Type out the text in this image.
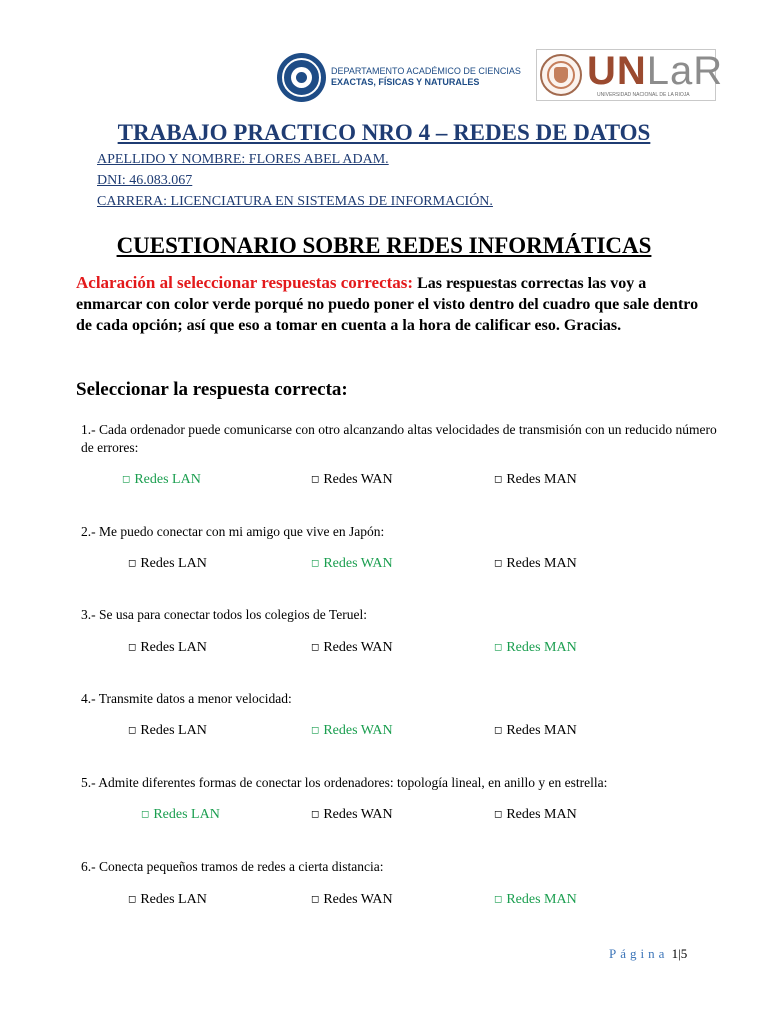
DEPARTAMENTO ACADÉMICO DE CIENCIAS
EXACTAS, FÍSICAS Y NATURALES	UNLaR
UNIVERSIDAD NACIONAL DE LA RIOJA
TRABAJO PRACTICO NRO 4 – REDES DE DATOS
APELLIDO Y NOMBRE: FLORES ABEL ADAM.
DNI: 46.083.067
CARRERA: LICENCIATURA EN SISTEMAS DE INFORMACIÓN.
CUESTIONARIO SOBRE REDES INFORMÁTICAS
Aclaración al seleccionar respuestas correctas: Las respuestas correctas las voy a enmarcar con color verde porqué no puedo poner el visto dentro del cuadro que sale dentro de cada opción; así que eso a tomar en cuenta a la hora de calificar eso. Gracias.
Seleccionar la respuesta correcta:
1.- Cada ordenador puede comunicarse con otro alcanzando altas velocidades de transmisión con un reducido número de errores:
◻ Redes LAN	◻ Redes WAN	◻ Redes MAN
2.- Me puedo conectar con mi amigo que vive en Japón:
◻ Redes LAN	◻ Redes WAN	◻ Redes MAN
3.- Se usa para conectar todos los colegios de Teruel:
◻ Redes LAN	◻ Redes WAN	◻ Redes MAN
4.- Transmite datos a menor velocidad:
◻ Redes LAN	◻ Redes WAN	◻ Redes MAN
5.- Admite diferentes formas de conectar los ordenadores: topología lineal, en anillo y en estrella:
◻ Redes LAN	◻ Redes WAN	◻ Redes MAN
6.- Conecta pequeños tramos de redes a cierta distancia:
◻ Redes LAN	◻ Redes WAN	◻ Redes MAN
Página 1|5
